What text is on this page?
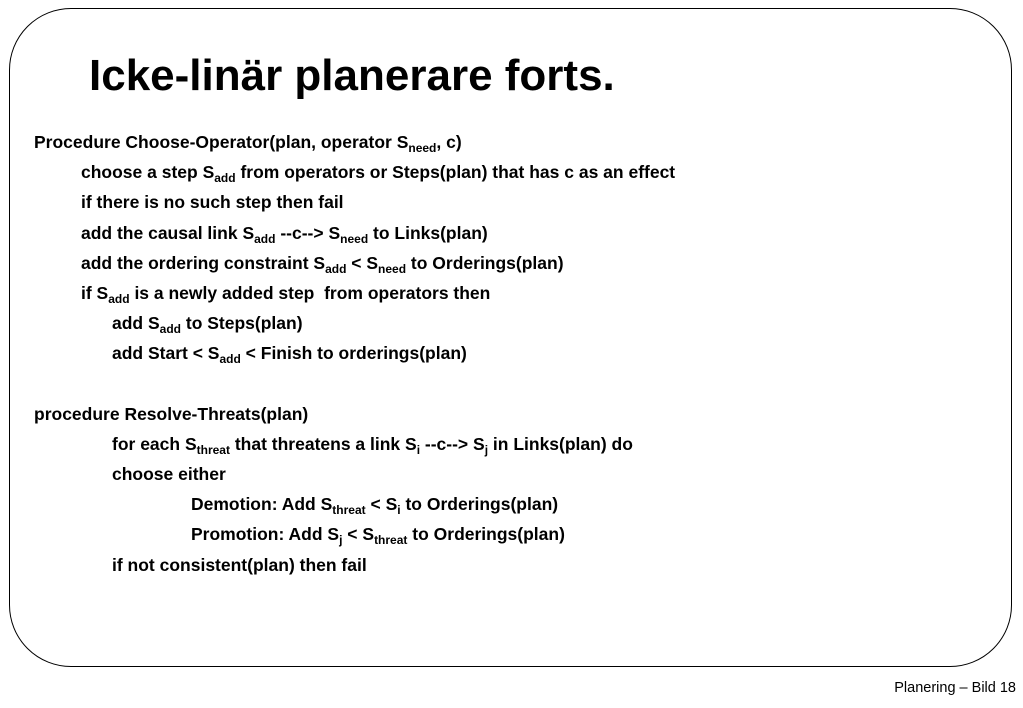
Icke-linär planerare forts.
Procedure Choose-Operator(plan, operator $S_{need}$, c)
choose a step $S_{add}$ from operators or Steps(plan) that has c as an effect
if there is no such step then fail
add the causal link $S_{add}$ $--c--> S_{need}$ to Links(plan)
add the ordering constraint $S_{add} < S_{need}$ to Orderings(plan)
if $S_{add}$ is a newly added step  from operators then
add $S_{add}$ to Steps(plan)
add Start < $S_{add}$ < Finish to orderings(plan)
procedure Resolve-Threats(plan)
for each $S_{threat}$ that threatens a link $S_i$ $--c--> S_j$ in Links(plan) do
choose either
Demotion: Add $S_{threat} < S_i$ to Orderings(plan)
Promotion: Add $S_j < S_{threat}$ to Orderings(plan)
if not consistent(plan) then fail
Planering – Bild 18
